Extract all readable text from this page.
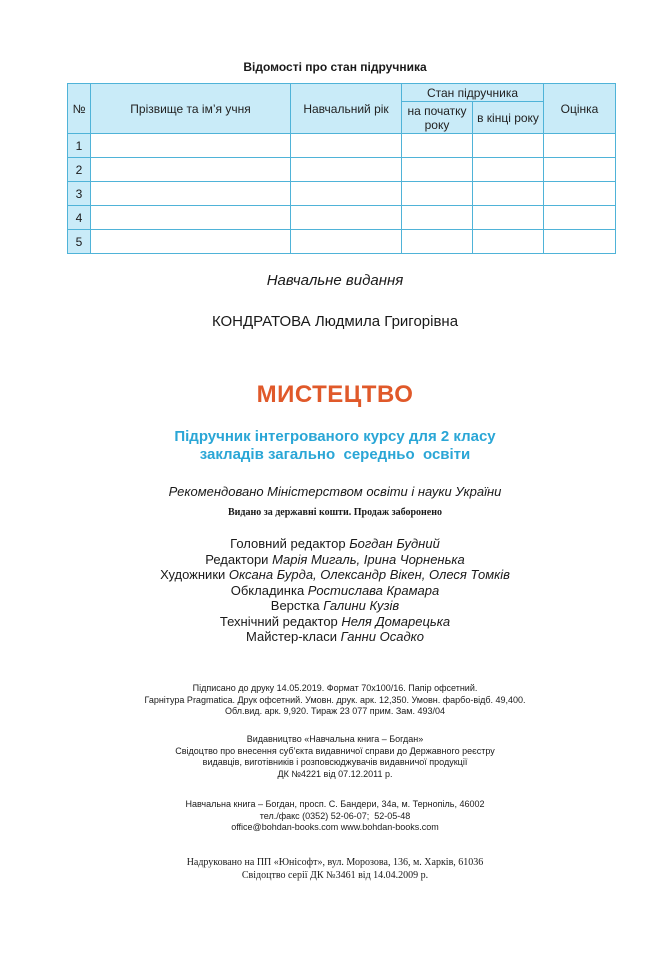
Відомості про стан підручника
№	Прізвище та ім’я учня	Навчальний рік	Стан підручника		Оцінка
			на початку року	в кінці року	
1					
2					
3					
4					
5					
Навчальне видання
КОНДРАТОВА Людмила Григорівна
МИСТЕЦТВО
Підручник інтегрованого курсу для 2 класу
закладів загально  середньо  освіти
Рекомендовано Міністерством освіти і науки України
Видано за державні кошти. Продаж заборонено
Головний редактор Богдан Будний
Редактори Марія Мигаль, Ірина Чорненька
Художники Оксана Бурда, Олександр Вікен, Олеся Томків
Обкладинка Ростислава Крамара
Верстка Галини Кузів
Технічний редактор Неля Домарецька
Майстер-класи Ганни Осадко
Підписано до друку 14.05.2019. Формат 70х100/16. Папір офсетний.
Гарнітура Pragmatica. Друк офсетний. Умовн. друк. арк. 12,350. Умовн. фарбо-відб. 49,400.
Обл.вид. арк. 9,920. Тираж 23 077 прим. Зам. 493/04
Видавництво «Навчальна книга – Богдан»
Свідоцтво про внесення суб’єкта видавничої справи до Державного реєстру
видавців, виготівників і розповсюджувачів видавничої продукції
ДК №4221 від 07.12.2011 р.
Навчальна книга – Богдан, просп. С. Бандери, 34а, м. Тернопіль, 46002
тел./факс (0352) 52-06-07;  52-05-48
office@bohdan-books.com www.bohdan-books.com
Надруковано на ПП «Юнісофт», вул. Морозова, 136, м. Харків, 61036
Свідоцтво серії ДК №3461 від 14.04.2009 р.
